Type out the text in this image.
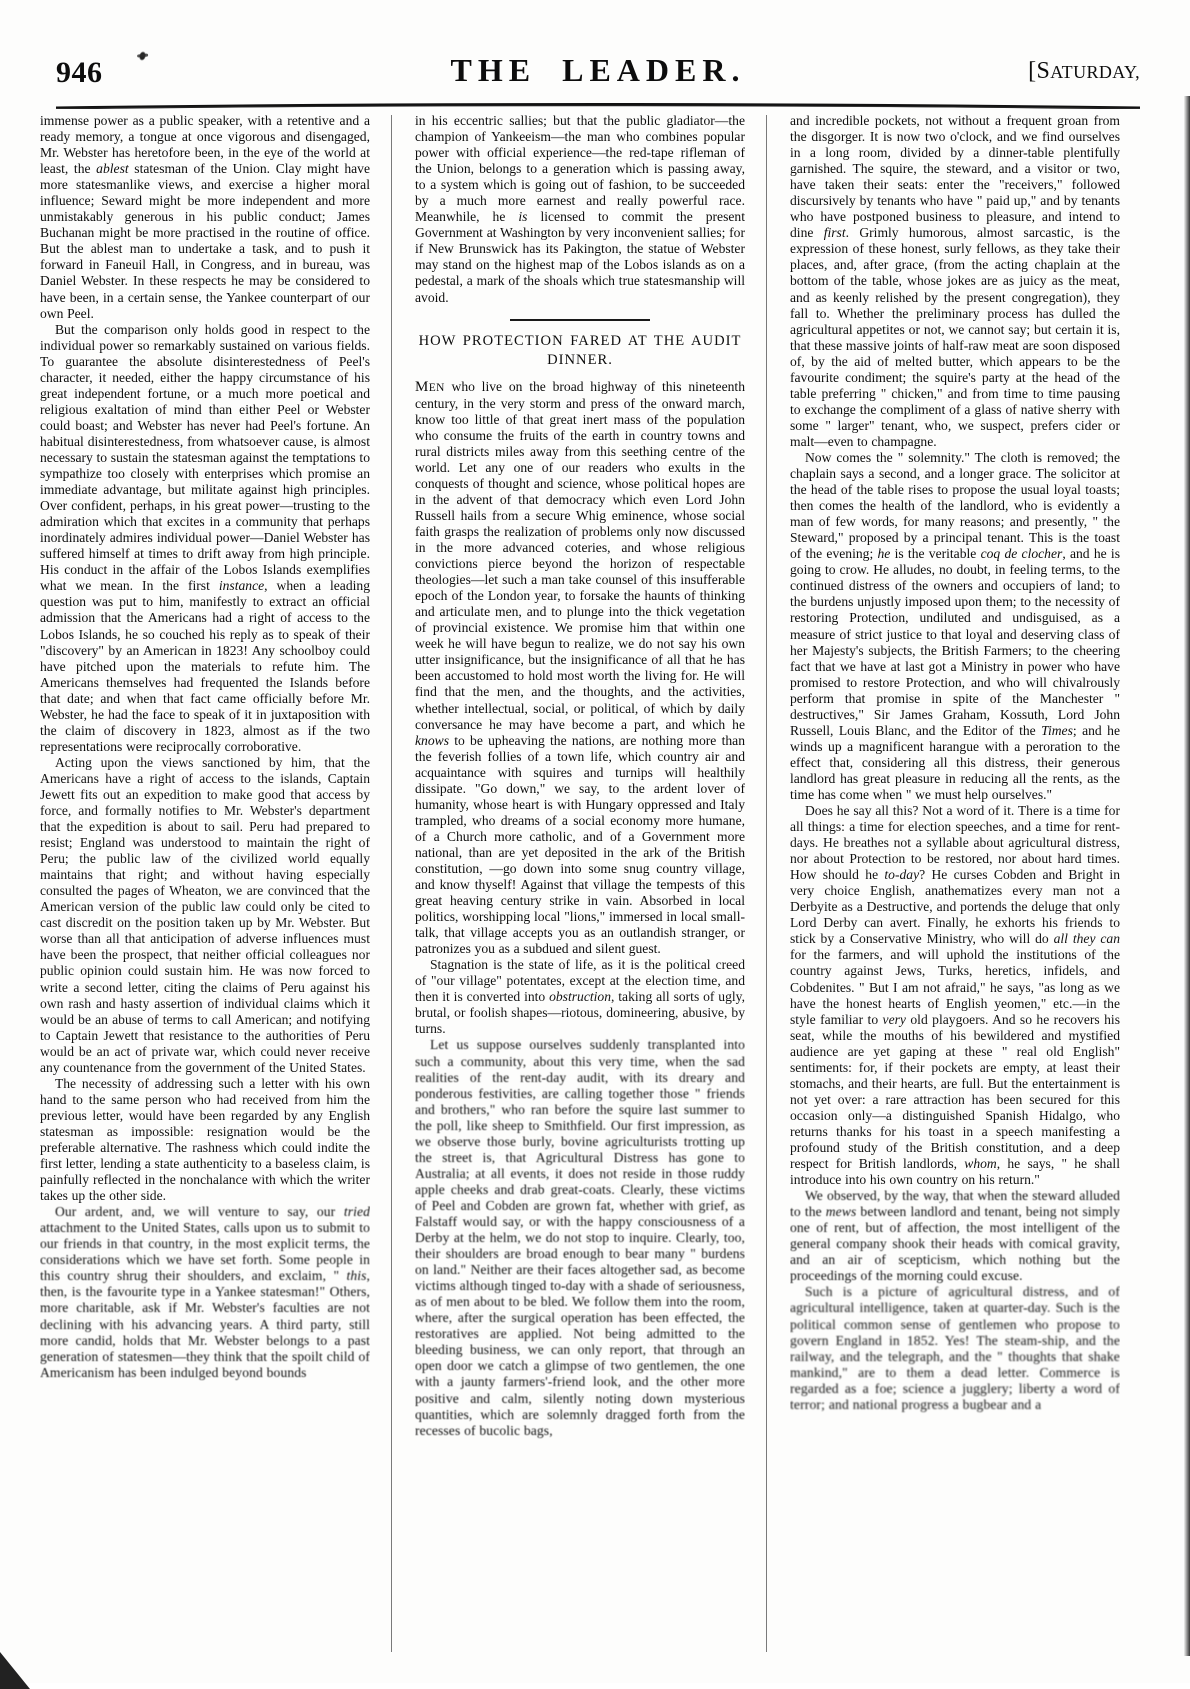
946	THE LEADER.	[SATURDAY,

immense power as a public speaker, with a retentive and a ready memory, a tongue at once vigorous and disengaged, Mr. Webster has heretofore been, in the eye of the world at least, the ablest statesman of the Union. Clay might have more statesmanlike views, and exercise a higher moral influence; Seward might be more independent and more unmistakably generous in his public conduct; James Buchanan might be more practised in the routine of office. But the ablest man to undertake a task, and to push it forward in Faneuil Hall, in Congress, and in bureau, was Daniel Webster. In these respects he may be considered to have been, in a certain sense, the Yankee counterpart of our own Peel.

But the comparison only holds good in respect to the individual power so remarkably sustained on various fields. To guarantee the absolute disinterestedness of Peel's character, it needed, either the happy circumstance of his great independent fortune, or a much more poetical and religious exaltation of mind than either Peel or Webster could boast; and Webster has never had Peel's fortune. An habitual disinterestedness, from whatsoever cause, is almost necessary to sustain the statesman against the temptations to sympathize too closely with enterprises which promise an immediate advantage, but militate against high principles. Over confident, perhaps, in his great power—trusting to the admiration which that excites in a community that perhaps inordinately admires individual power—Daniel Webster has suffered himself at times to drift away from high principle. His conduct in the affair of the Lobos Islands exemplifies what we mean. In the first instance, when a leading question was put to him, manifestly to extract an official admission that the Americans had a right of access to the Lobos Islands, he so couched his reply as to speak of their "discovery" by an American in 1823! Any schoolboy could have pitched upon the materials to refute him. The Americans themselves had frequented the Islands before that date; and when that fact came officially before Mr. Webster, he had the face to speak of it in juxtaposition with the claim of discovery in 1823, almost as if the two representations were reciprocally corroborative.

Acting upon the views sanctioned by him, that the Americans have a right of access to the islands, Captain Jewett fits out an expedition to make good that access by force, and formally notifies to Mr. Webster's department that the expedition is about to sail. Peru had prepared to resist; England was understood to maintain the right of Peru; the public law of the civilized world equally maintains that right; and without having especially consulted the pages of Wheaton, we are convinced that the American version of the public law could only be cited to cast discredit on the position taken up by Mr. Webster. But worse than all that anticipation of adverse influences must have been the prospect, that neither official colleagues nor public opinion could sustain him. He was now forced to write a second letter, citing the claims of Peru against his own rash and hasty assertion of individual claims which it would be an abuse of terms to call American; and notifying to Captain Jewett that resistance to the authorities of Peru would be an act of private war, which could never receive any countenance from the government of the United States.

The necessity of addressing such a letter with his own hand to the same person who had received from him the previous letter, would have been regarded by any English statesman as impossible: resignation would be the preferable alternative. The rashness which could indite the first letter, lending a state authenticity to a baseless claim, is painfully reflected in the nonchalance with which the writer takes up the other side.

Our ardent, and, we will venture to say, our tried attachment to the United States, calls upon us to submit to our friends in that country, in the most explicit terms, the considerations which we have set forth. Some people in this country shrug their shoulders, and exclaim, " this, then, is the favourite type in a Yankee statesman!" Others, more charitable, ask if Mr. Webster's faculties are not declining with his advancing years. A third party, still more candid, holds that Mr. Webster belongs to a past generation of statesmen—they think that the spoilt child of Americanism has been indulged beyond bounds

in his eccentric sallies; but that the public gladiator—the champion of Yankeeism—the man who combines popular power with official experience—the red-tape rifleman of the Union, belongs to a generation which is passing away, to a system which is going out of fashion, to be succeeded by a much more earnest and really powerful race. Meanwhile, he is licensed to commit the present Government at Washington by very inconvenient sallies; for if New Brunswick has its Pakington, the statue of Webster may stand on the highest map of the Lobos islands as on a pedestal, a mark of the shoals which true statesmanship will avoid.

HOW PROTECTION FARED AT THE AUDIT DINNER.

MEN who live on the broad highway of this nineteenth century, in the very storm and press of the onward march, know too little of that great inert mass of the population who consume the fruits of the earth in country towns and rural districts miles away from this seething centre of the world. Let any one of our readers who exults in the conquests of thought and science, whose political hopes are in the advent of that democracy which even Lord John Russell hails from a secure Whig eminence, whose social faith grasps the realization of problems only now discussed in the more advanced coteries, and whose religious convictions pierce beyond the horizon of respectable theologies—let such a man take counsel of this insufferable epoch of the London year, to forsake the haunts of thinking and articulate men, and to plunge into the thick vegetation of provincial existence. We promise him that within one week he will have begun to realize, we do not say his own utter insignificance, but the insignificance of all that he has been accustomed to hold most worth the living for. He will find that the men, and the thoughts, and the activities, whether intellectual, social, or political, of which by daily conversance he may have become a part, and which he knows to be upheaving the nations, are nothing more than the feverish follies of a town life, which country air and acquaintance with squires and turnips will healthily dissipate. "Go down," we say, to the ardent lover of humanity, whose heart is with Hungary oppressed and Italy trampled, who dreams of a social economy more humane, of a Church more catholic, and of a Government more national, than are yet deposited in the ark of the British constitution, —go down into some snug country village, and know thyself! Against that village the tempests of this great heaving century strike in vain. Absorbed in local politics, worshipping local "lions," immersed in local small-talk, that village accepts you as an outlandish stranger, or patronizes you as a subdued and silent guest.

Stagnation is the state of life, as it is the political creed of "our village" potentates, except at the election time, and then it is converted into obstruction, taking all sorts of ugly, brutal, or foolish shapes—riotous, domineering, abusive, by turns.

Let us suppose ourselves suddenly transplanted into such a community, about this very time, when the sad realities of the rent-day audit, with its dreary and ponderous festivities, are calling together those " friends and brothers," who ran before the squire last summer to the poll, like sheep to Smithfield. Our first impression, as we observe those burly, bovine agriculturists trotting up the street is, that Agricultural Distress has gone to Australia; at all events, it does not reside in those ruddy apple cheeks and drab great-coats. Clearly, these victims of Peel and Cobden are grown fat, whether with grief, as Falstaff would say, or with the happy consciousness of a Derby at the helm, we do not stop to inquire. Clearly, too, their shoulders are broad enough to bear many " burdens on land." Neither are their faces altogether sad, as become victims although tinged to-day with a shade of seriousness, as of men about to be bled. We follow them into the room, where, after the surgical operation has been effected, the restoratives are applied. Not being admitted to the bleeding business, we can only report, that through an open door we catch a glimpse of two gentlemen, the one with a jaunty farmers'-friend look, and the other more positive and calm, silently noting down mysterious quantities, which are solemnly dragged forth from the recesses of bucolic bags,

and incredible pockets, not without a frequent groan from the disgorger. It is now two o'clock, and we find ourselves in a long room, divided by a dinner-table plentifully garnished. The squire, the steward, and a visitor or two, have taken their seats: enter the "receivers," followed discursively by tenants who have " paid up," and by tenants who have postponed business to pleasure, and intend to dine first. Grimly humorous, almost sarcastic, is the expression of these honest, surly fellows, as they take their places, and, after grace, (from the acting chaplain at the bottom of the table, whose jokes are as juicy as the meat, and as keenly relished by the present congregation), they fall to. Whether the preliminary process has dulled the agricultural appetites or not, we cannot say; but certain it is, that these massive joints of half-raw meat are soon disposed of, by the aid of melted butter, which appears to be the favourite condiment; the squire's party at the head of the table preferring " chicken," and from time to time pausing to exchange the compliment of a glass of native sherry with some " larger" tenant, who, we suspect, prefers cider or malt—even to champagne.

Now comes the " solemnity." The cloth is removed; the chaplain says a second, and a longer grace. The solicitor at the head of the table rises to propose the usual loyal toasts; then comes the health of the landlord, who is evidently a man of few words, for many reasons; and presently, " the Steward," proposed by a principal tenant. This is the toast of the evening; he is the veritable coq de clocher, and he is going to crow. He alludes, no doubt, in feeling terms, to the continued distress of the owners and occupiers of land; to the burdens unjustly imposed upon them; to the necessity of restoring Protection, undiluted and undisguised, as a measure of strict justice to that loyal and deserving class of her Majesty's subjects, the British Farmers; to the cheering fact that we have at last got a Ministry in power who have promised to restore Protection, and who will chivalrously perform that promise in spite of the Manchester " destructives," Sir James Graham, Kossuth, Lord John Russell, Louis Blanc, and the Editor of the Times; and he winds up a magnificent harangue with a peroration to the effect that, considering all this distress, their generous landlord has great pleasure in reducing all the rents, as the time has come when " we must help ourselves."

Does he say all this? Not a word of it. There is a time for all things: a time for election speeches, and a time for rent-days. He breathes not a syllable about agricultural distress, nor about Protection to be restored, nor about hard times. How should he to-day? He curses Cobden and Bright in very choice English, anathematizes every man not a Derbyite as a Destructive, and portends the deluge that only Lord Derby can avert. Finally, he exhorts his friends to stick by a Conservative Ministry, who will do all they can for the farmers, and will uphold the institutions of the country against Jews, Turks, heretics, infidels, and Cobdenites. " But I am not afraid," he says, "as long as we have the honest hearts of English yeomen," etc.—in the style familiar to very old playgoers. And so he recovers his seat, while the mouths of his bewildered and mystified audience are yet gaping at these " real old English" sentiments: for, if their pockets are empty, at least their stomachs, and their hearts, are full. But the entertainment is not yet over: a rare attraction has been secured for this occasion only—a distinguished Spanish Hidalgo, who returns thanks for his toast in a speech manifesting a profound study of the British constitution, and a deep respect for British landlords, whom, he says, " he shall introduce into his own country on his return."

We observed, by the way, that when the steward alluded to the mews between landlord and tenant, being not simply one of rent, but of affection, the most intelligent of the general company shook their heads with comical gravity, and an air of scepticism, which nothing but the proceedings of the morning could excuse.

Such is a picture of agricultural distress, and of agricultural intelligence, taken at quarter-day. Such is the political common sense of gentlemen who propose to govern England in 1852. Yes! The steam-ship, and the railway, and the telegraph, and the " thoughts that shake mankind," are to them a dead letter. Commerce is regarded as a foe; science a jugglery; liberty a word of terror; and national progress a bugbear and a
